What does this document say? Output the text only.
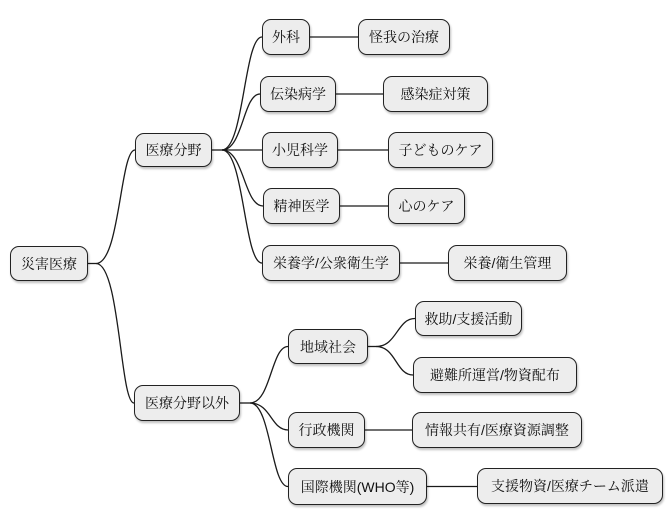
災害医療
医療分野
医療分野以外
外科
伝染病学
小児科学
精神医学
栄養学/公衆衛生学
怪我の治療
感染症対策
子どものケア
心のケア
栄養/衛生管理
地域社会
行政機関
国際機関(WHO等)
救助/支援活動
避難所運営/物資配布
情報共有/医療資源調整
支援物資/医療チーム派遣
